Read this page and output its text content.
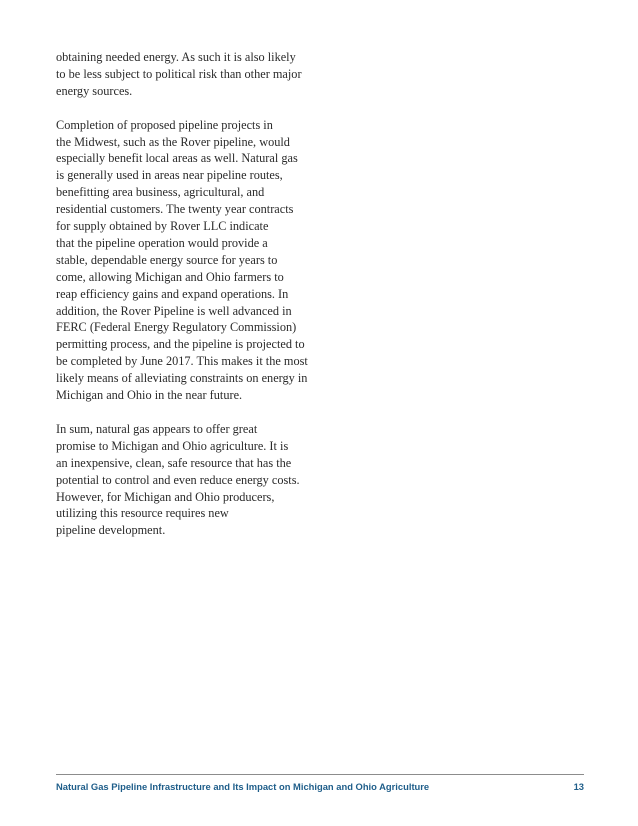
obtaining needed energy. As such it is also likely
to be less subject to political risk than other major
energy sources.
Completion of proposed pipeline projects in
the Midwest, such as the Rover pipeline, would
especially benefit local areas as well. Natural gas
is generally used in areas near pipeline routes,
benefitting area business, agricultural, and
residential customers. The twenty year contracts
for supply obtained by Rover LLC indicate
that the pipeline operation would provide a
stable, dependable energy source for years to
come, allowing Michigan and Ohio farmers to
reap efficiency gains and expand operations. In
addition, the Rover Pipeline is well advanced in
FERC (Federal Energy Regulatory Commission)
permitting process, and the pipeline is projected to
be completed by June 2017. This makes it the most
likely means of alleviating constraints on energy in
Michigan and Ohio in the near future.
In sum, natural gas appears to offer great
promise to Michigan and Ohio agriculture. It is
an inexpensive, clean, safe resource that has the
potential to control and even reduce energy costs.
However, for Michigan and Ohio producers,
utilizing this resource requires new
pipeline development.
Natural Gas Pipeline Infrastructure and Its Impact on Michigan and Ohio Agriculture	13
